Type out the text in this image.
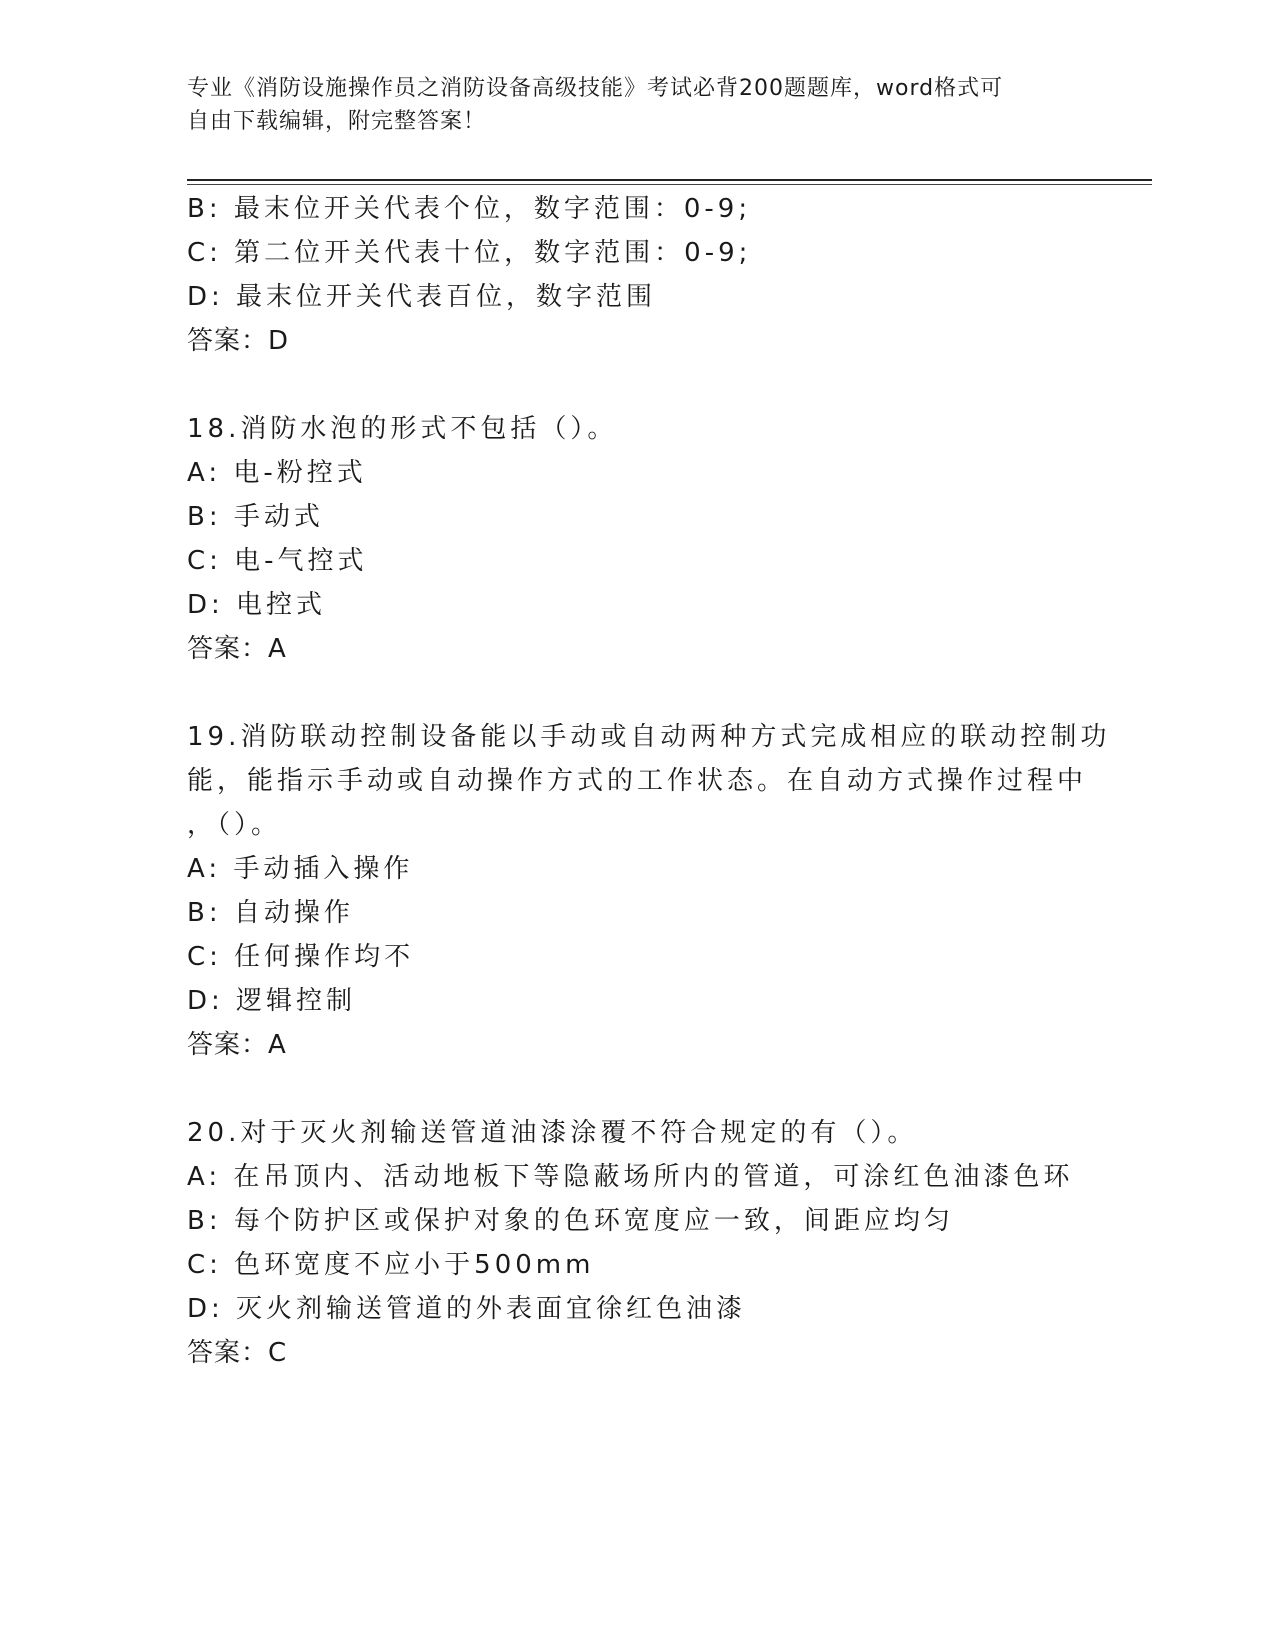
专业《消防设施操作员之消防设备高级技能》考试必背200题题库，word格式可
自由下载编辑，附完整答案！
B: 最末位开关代表个位，数字范围：0-9;
C: 第二位开关代表十位，数字范围：0-9;
D: 最末位开关代表百位，数字范围
答案：D
18.消防水泡的形式不包括（）。
A: 电-粉控式
B: 手动式
C: 电-气控式
D: 电控式
答案：A
19.消防联动控制设备能以手动或自动两种方式完成相应的联动控制功
能，能指示手动或自动操作方式的工作状态。在自动方式操作过程中
，（）。
A: 手动插入操作
B: 自动操作
C: 任何操作均不
D: 逻辑控制
答案：A
20.对于灭火剂输送管道油漆涂覆不符合规定的有（）。
A: 在吊顶内、活动地板下等隐蔽场所内的管道，可涂红色油漆色环
B: 每个防护区或保护对象的色环宽度应一致，间距应均匀
C: 色环宽度不应小于500mm
D: 灭火剂输送管道的外表面宜徐红色油漆
答案：C
